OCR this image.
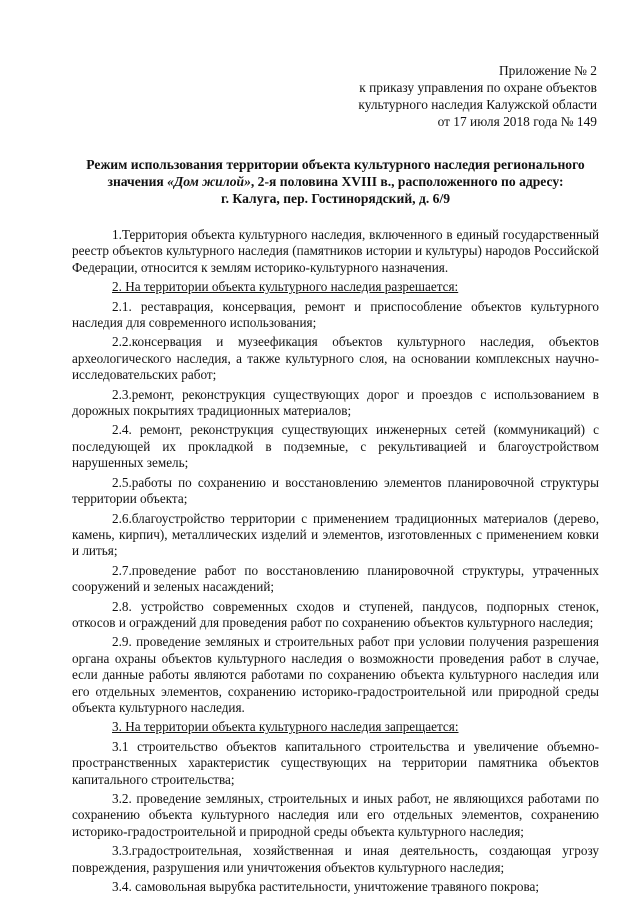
Приложение № 2
к приказу управления по охране объектов
культурного наследия Калужской области
от 17 июля 2018 года № 149
Режим использования территории объекта культурного наследия регионального значения «Дом жилой», 2-я половина XVIII в., расположенного по адресу:
г. Калуга, пер. Гостинорядский, д. 6/9

1.Территория объекта культурного наследия, включенного в единый государственный реестр объектов культурного наследия (памятников истории и культуры) народов Российской Федерации, относится к землям историко-культурного назначения.

2. На территории объекта культурного наследия разрешается:

2.1. реставрация, консервация, ремонт и приспособление объектов культурного наследия для современного использования;

2.2.консервация и музеефикация объектов культурного наследия, объектов археологического наследия, а также культурного слоя, на основании комплексных научно-исследовательских работ;

2.3.ремонт, реконструкция существующих дорог и проездов с использованием в дорожных покрытиях традиционных материалов;

2.4. ремонт, реконструкция существующих инженерных сетей (коммуникаций) с последующей их прокладкой в подземные, с рекультивацией и благоустройством нарушенных земель;

2.5.работы по сохранению и восстановлению элементов планировочной структуры территории объекта;

2.6.благоустройство территории с применением традиционных материалов (дерево, камень, кирпич), металлических изделий и элементов, изготовленных с применением ковки и литья;

2.7.проведение работ по восстановлению планировочной структуры, утраченных сооружений и зеленых насаждений;

2.8. устройство современных сходов и ступеней, пандусов, подпорных стенок, откосов и ограждений для проведения работ по сохранению объектов культурного наследия;

2.9. проведение земляных и строительных работ при условии получения разрешения органа охраны объектов культурного наследия о возможности проведения работ в случае, если данные работы являются работами по сохранению объекта культурного наследия или его отдельных элементов, сохранению историко-градостроительной или природной среды объекта культурного наследия.

3. На территории объекта культурного наследия запрещается:

3.1 строительство объектов капитального строительства и увеличение объемно-пространственных характеристик существующих на территории памятника объектов капитального строительства;

3.2. проведение земляных, строительных и иных работ, не являющихся работами по сохранению объекта культурного наследия или его отдельных элементов, сохранению историко-градостроительной и природной среды объекта культурного наследия;

3.3.градостроительная, хозяйственная и иная деятельность, создающая угрозу повреждения, разрушения или уничтожения объектов культурного наследия;

3.4. самовольная вырубка растительности, уничтожение травяного покрова;
